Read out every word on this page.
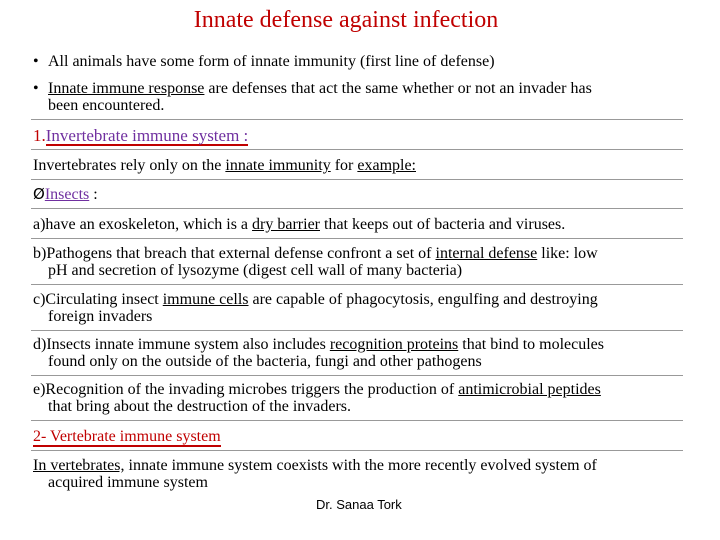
Innate defense against infection
• All animals have some form of innate immunity (first line of defense)
• Innate immune response are defenses that act the same whether or not an invader has
been encountered.
1.Invertebrate immune system :
Invertebrates rely only on the innate immunity for example:
ØInsects :
a)have an exoskeleton, which is a dry barrier that keeps out of bacteria and viruses.
b)Pathogens that breach that external defense confront a set of internal defense like: low
pH and secretion of lysozyme (digest cell wall of many bacteria)
c)Circulating insect immune cells are capable of phagocytosis, engulfing and destroying
foreign invaders
d)Insects innate immune system also includes recognition proteins that bind to molecules
found only on the outside of the bacteria, fungi and other pathogens
e)Recognition of the invading microbes triggers the production of antimicrobial peptides
that bring about the destruction of the invaders.
2- Vertebrate immune system
In vertebrates, innate immune system coexists with the more recently evolved system of
acquired immune system
Dr. Sanaa Tork
